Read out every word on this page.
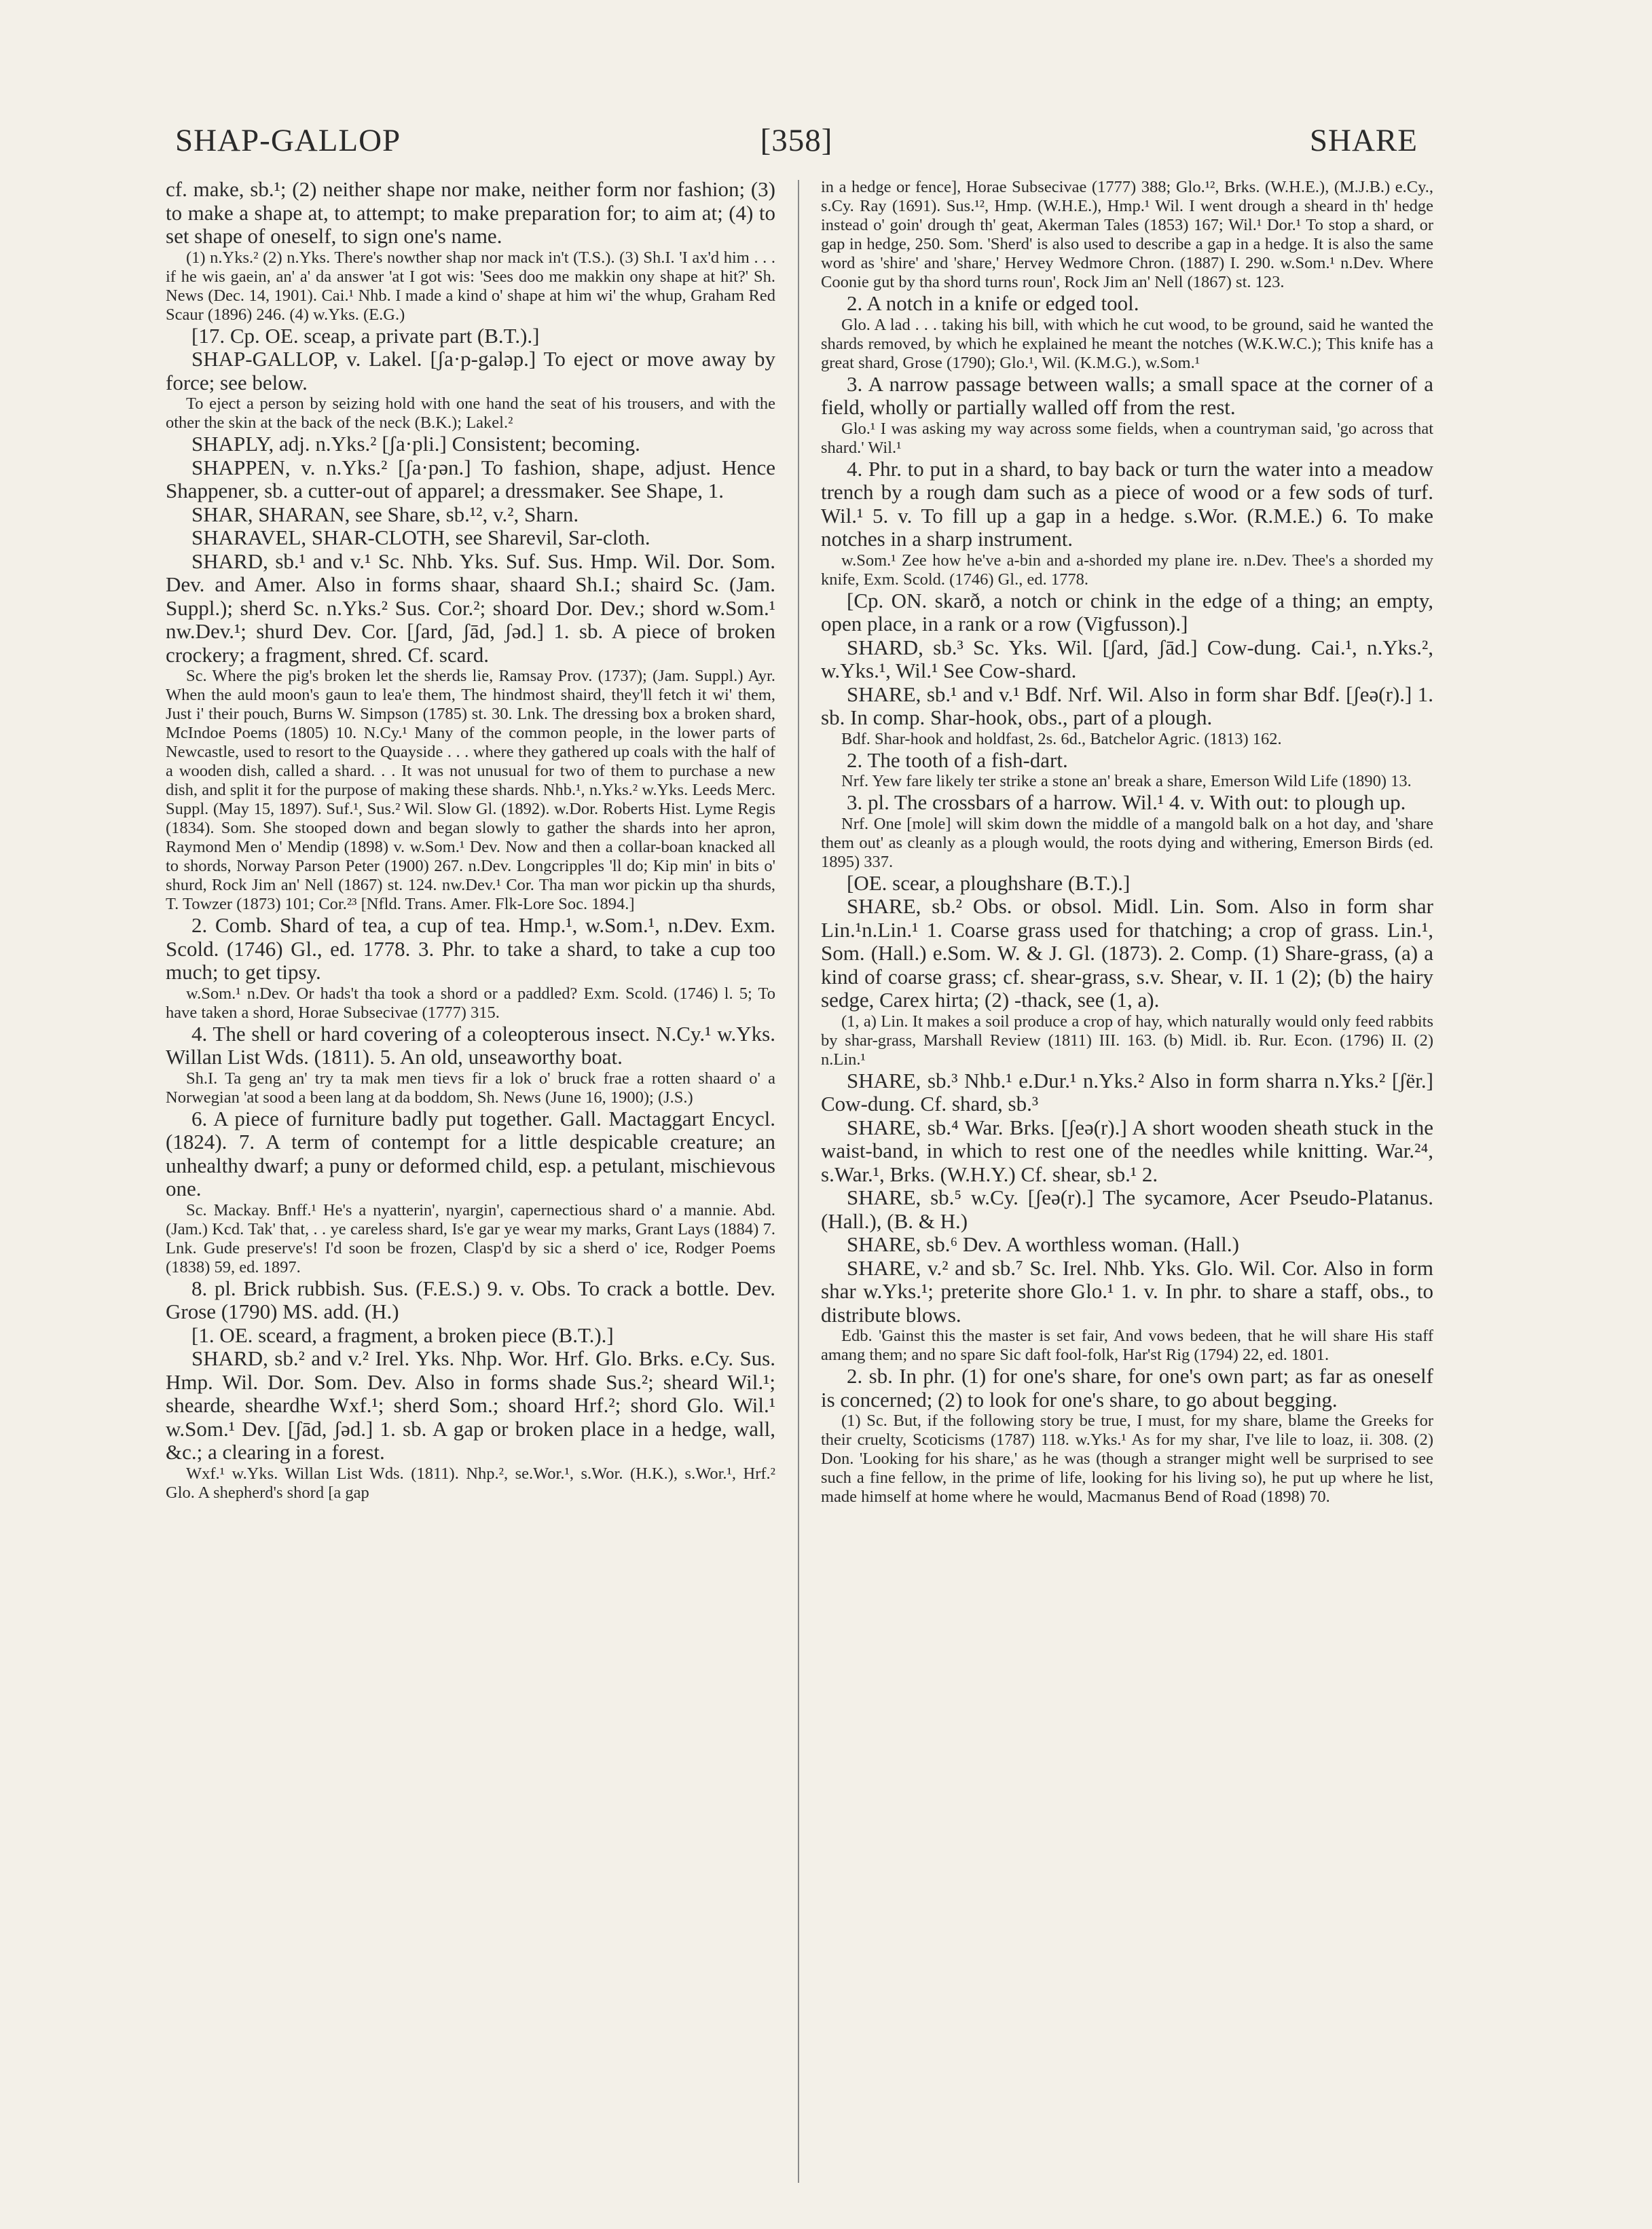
SHAP-GALLOP	[358]	SHARE

cf. make, sb.¹; (2) neither shape nor make, neither form nor fashion; (3) to make a shape at, to attempt; to make preparation for; to aim at; (4) to set shape of oneself, to sign one's name.

(1) n.Yks.² (2) n.Yks. There's nowther shap nor mack in't (T.S.). (3) Sh.I. 'I ax'd him . . . if he wis gaein, an' a' da answer 'at I got wis: 'Sees doo me makkin ony shape at hit?' Sh. News (Dec. 14, 1901). Cai.¹ Nhb. I made a kind o' shape at him wi' the whup, Graham Red Scaur (1896) 246. (4) w.Yks. (E.G.)

[17. Cp. OE. sceap, a private part (B.T.).]

SHAP-GALLOP, v. Lakel. [ʃa·p-galəp.] To eject or move away by force; see below.

To eject a person by seizing hold with one hand the seat of his trousers, and with the other the skin at the back of the neck (B.K.); Lakel.²

SHAPLY, adj. n.Yks.² [ʃa·pli.] Consistent; becoming.

SHAPPEN, v. n.Yks.² [ʃa·pən.] To fashion, shape, adjust. Hence Shappener, sb. a cutter-out of apparel; a dressmaker. See Shape, 1.

SHAR, SHARAN, see Share, sb.¹², v.², Sharn.

SHARAVEL, SHAR-CLOTH, see Sharevil, Sar-cloth.

SHARD, sb.¹ and v.¹ Sc. Nhb. Yks. Suf. Sus. Hmp. Wil. Dor. Som. Dev. and Amer. Also in forms shaar, shaard Sh.I.; shaird Sc. (Jam. Suppl.); sherd Sc. n.Yks.² Sus. Cor.²; shoard Dor. Dev.; shord w.Som.¹ nw.Dev.¹; shurd Dev. Cor. [ʃard, ʃād, ʃəd.] 1. sb. A piece of broken crockery; a fragment, shred. Cf. scard.

Sc. Where the pig's broken let the sherds lie, Ramsay Prov. (1737); (Jam. Suppl.) Ayr. When the auld moon's gaun to lea'e them, The hindmost shaird, they'll fetch it wi' them, Just i' their pouch, Burns W. Simpson (1785) st. 30. Lnk. The dressing box a broken shard, McIndoe Poems (1805) 10. N.Cy.¹ Many of the common people, in the lower parts of Newcastle, used to resort to the Quayside . . . where they gathered up coals with the half of a wooden dish, called a shard. . . It was not unusual for two of them to purchase a new dish, and split it for the purpose of making these shards. Nhb.¹, n.Yks.² w.Yks. Leeds Merc. Suppl. (May 15, 1897). Suf.¹, Sus.² Wil. Slow Gl. (1892). w.Dor. Roberts Hist. Lyme Regis (1834). Som. She stooped down and began slowly to gather the shards into her apron, Raymond Men o' Mendip (1898) v. w.Som.¹ Dev. Now and then a collar-boan knacked all to shords, Norway Parson Peter (1900) 267. n.Dev. Longcripples 'll do; Kip min' in bits o' shurd, Rock Jim an' Nell (1867) st. 124. nw.Dev.¹ Cor. Tha man wor pickin up tha shurds, T. Towzer (1873) 101; Cor.²³ [Nfld. Trans. Amer. Flk-Lore Soc. 1894.]

2. Comb. Shard of tea, a cup of tea. Hmp.¹, w.Som.¹, n.Dev. Exm. Scold. (1746) Gl., ed. 1778. 3. Phr. to take a shard, to take a cup too much; to get tipsy.

w.Som.¹ n.Dev. Or hads't tha took a shord or a paddled? Exm. Scold. (1746) l. 5; To have taken a shord, Horae Subsecivae (1777) 315.

4. The shell or hard covering of a coleopterous insect. N.Cy.¹ w.Yks. Willan List Wds. (1811). 5. An old, unseaworthy boat.

Sh.I. Ta geng an' try ta mak men tievs fir a lok o' bruck frae a rotten shaard o' a Norwegian 'at sood a been lang at da boddom, Sh. News (June 16, 1900); (J.S.)

6. A piece of furniture badly put together. Gall. Mactaggart Encycl. (1824). 7. A term of contempt for a little despicable creature; an unhealthy dwarf; a puny or deformed child, esp. a petulant, mischievous one.

Sc. Mackay. Bnff.¹ He's a nyatterin', nyargin', capernectious shard o' a mannie. Abd. (Jam.) Kcd. Tak' that, . . ye careless shard, Is'e gar ye wear my marks, Grant Lays (1884) 7. Lnk. Gude preserve's! I'd soon be frozen, Clasp'd by sic a sherd o' ice, Rodger Poems (1838) 59, ed. 1897.

8. pl. Brick rubbish. Sus. (F.E.S.) 9. v. Obs. To crack a bottle. Dev. Grose (1790) MS. add. (H.)

[1. OE. sceard, a fragment, a broken piece (B.T.).]

SHARD, sb.² and v.² Irel. Yks. Nhp. Wor. Hrf. Glo. Brks. e.Cy. Sus. Hmp. Wil. Dor. Som. Dev. Also in forms shade Sus.²; sheard Wil.¹; shearde, sheardhe Wxf.¹; sherd Som.; shoard Hrf.²; shord Glo. Wil.¹ w.Som.¹ Dev. [ʃād, ʃəd.] 1. sb. A gap or broken place in a hedge, wall, &c.; a clearing in a forest.

Wxf.¹ w.Yks. Willan List Wds. (1811). Nhp.², se.Wor.¹, s.Wor. (H.K.), s.Wor.¹, Hrf.² Glo. A shepherd's shord [a gap

in a hedge or fence], Horae Subsecivae (1777) 388; Glo.¹², Brks. (W.H.E.), (M.J.B.) e.Cy., s.Cy. Ray (1691). Sus.¹², Hmp. (W.H.E.), Hmp.¹ Wil. I went drough a sheard in th' hedge instead o' goin' drough th' geat, Akerman Tales (1853) 167; Wil.¹ Dor.¹ To stop a shard, or gap in hedge, 250. Som. 'Sherd' is also used to describe a gap in a hedge. It is also the same word as 'shire' and 'share,' Hervey Wedmore Chron. (1887) I. 290. w.Som.¹ n.Dev. Where Coonie gut by tha shord turns roun', Rock Jim an' Nell (1867) st. 123.

2. A notch in a knife or edged tool.

Glo. A lad . . . taking his bill, with which he cut wood, to be ground, said he wanted the shards removed, by which he explained he meant the notches (W.K.W.C.); This knife has a great shard, Grose (1790); Glo.¹, Wil. (K.M.G.), w.Som.¹

3. A narrow passage between walls; a small space at the corner of a field, wholly or partially walled off from the rest.

Glo.¹ I was asking my way across some fields, when a countryman said, 'go across that shard.' Wil.¹

4. Phr. to put in a shard, to bay back or turn the water into a meadow trench by a rough dam such as a piece of wood or a few sods of turf. Wil.¹ 5. v. To fill up a gap in a hedge. s.Wor. (R.M.E.) 6. To make notches in a sharp instrument.

w.Som.¹ Zee how he've a-bin and a-shorded my plane ire. n.Dev. Thee's a shorded my knife, Exm. Scold. (1746) Gl., ed. 1778.

[Cp. ON. skarð, a notch or chink in the edge of a thing; an empty, open place, in a rank or a row (Vigfusson).]

SHARD, sb.³ Sc. Yks. Wil. [ʃard, ʃād.] Cow-dung. Cai.¹, n.Yks.², w.Yks.¹, Wil.¹ See Cow-shard.

SHARE, sb.¹ and v.¹ Bdf. Nrf. Wil. Also in form shar Bdf. [ʃeə(r).] 1. sb. In comp. Shar-hook, obs., part of a plough.

Bdf. Shar-hook and holdfast, 2s. 6d., Batchelor Agric. (1813) 162.

2. The tooth of a fish-dart.

Nrf. Yew fare likely ter strike a stone an' break a share, Emerson Wild Life (1890) 13.

3. pl. The crossbars of a harrow. Wil.¹ 4. v. With out: to plough up.

Nrf. One [mole] will skim down the middle of a mangold balk on a hot day, and 'share them out' as cleanly as a plough would, the roots dying and withering, Emerson Birds (ed. 1895) 337.

[OE. scear, a ploughshare (B.T.).]

SHARE, sb.² Obs. or obsol. Midl. Lin. Som. Also in form shar Lin.¹n.Lin.¹ 1. Coarse grass used for thatching; a crop of grass. Lin.¹, Som. (Hall.) e.Som. W. & J. Gl. (1873). 2. Comp. (1) Share-grass, (a) a kind of coarse grass; cf. shear-grass, s.v. Shear, v. II. 1 (2); (b) the hairy sedge, Carex hirta; (2) -thack, see (1, a).

(1, a) Lin. It makes a soil produce a crop of hay, which naturally would only feed rabbits by shar-grass, Marshall Review (1811) III. 163. (b) Midl. ib. Rur. Econ. (1796) II. (2) n.Lin.¹

SHARE, sb.³ Nhb.¹ e.Dur.¹ n.Yks.² Also in form sharra n.Yks.² [ʃër.] Cow-dung. Cf. shard, sb.³

SHARE, sb.⁴ War. Brks. [ʃeə(r).] A short wooden sheath stuck in the waist-band, in which to rest one of the needles while knitting. War.²⁴, s.War.¹, Brks. (W.H.Y.) Cf. shear, sb.¹ 2.

SHARE, sb.⁵ w.Cy. [ʃeə(r).] The sycamore, Acer Pseudo-Platanus. (Hall.), (B. & H.)

SHARE, sb.⁶ Dev. A worthless woman. (Hall.)

SHARE, v.² and sb.⁷ Sc. Irel. Nhb. Yks. Glo. Wil. Cor. Also in form shar w.Yks.¹; preterite shore Glo.¹ 1. v. In phr. to share a staff, obs., to distribute blows.

Edb. 'Gainst this the master is set fair, And vows bedeen, that he will share His staff amang them; and no spare Sic daft fool-folk, Har'st Rig (1794) 22, ed. 1801.

2. sb. In phr. (1) for one's share, for one's own part; as far as oneself is concerned; (2) to look for one's share, to go about begging.

(1) Sc. But, if the following story be true, I must, for my share, blame the Greeks for their cruelty, Scoticisms (1787) 118. w.Yks.¹ As for my shar, I've lile to loaz, ii. 308. (2) Don. 'Looking for his share,' as he was (though a stranger might well be surprised to see such a fine fellow, in the prime of life, looking for his living so), he put up where he list, made himself at home where he would, Macmanus Bend of Road (1898) 70.
